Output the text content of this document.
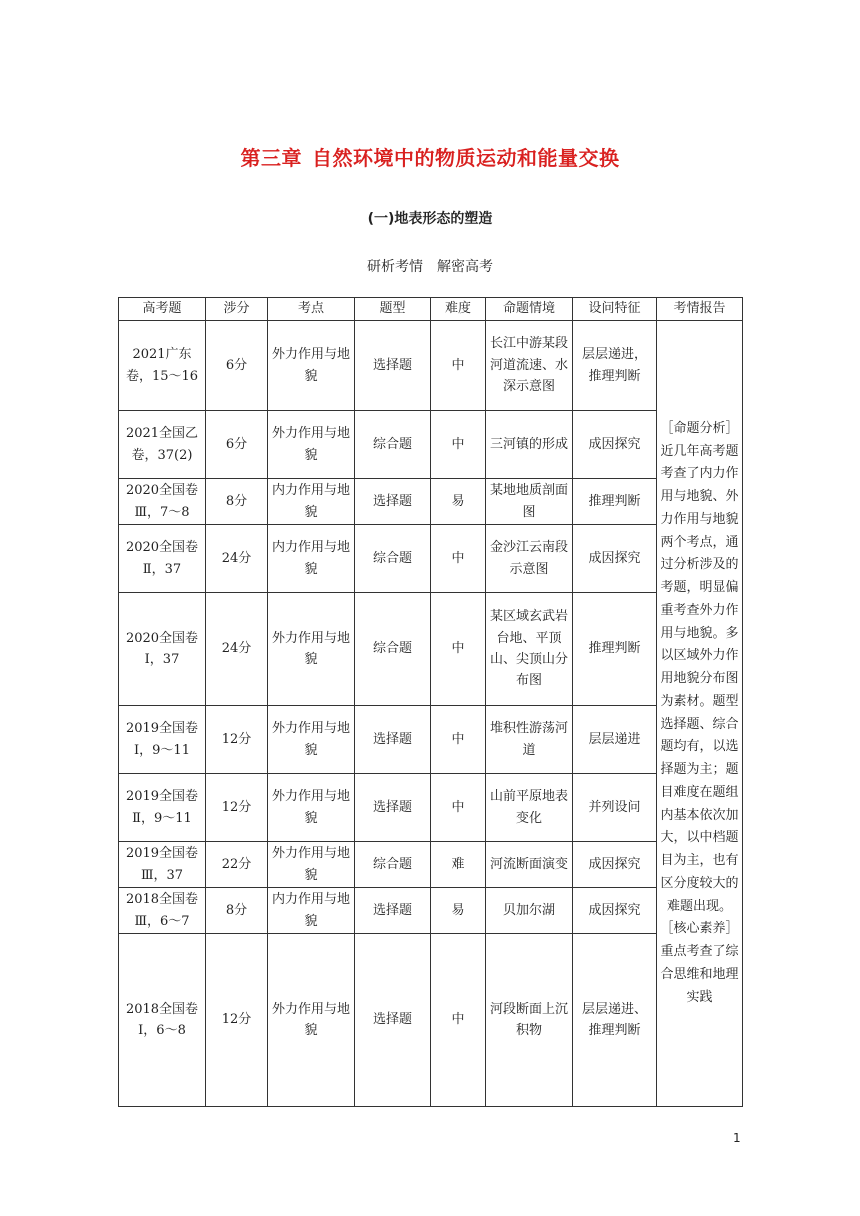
第三章 自然环境中的物质运动和能量交换
(一)地表形态的塑造
研析考情 解密高考
高考题	涉分	考点	题型	难度	命题情境	设问特征	考情报告
2021广东卷，15～16	6分	外力作用与地貌	选择题	中	长江中游某段河道流速、水深示意图	层层递进，推理判断	［命题分析］ 近几年高考题考查了内力作用与地貌、外力作用与地貌两个考点，通过分析涉及的考题，明显偏重考查外力作用与地貌。多以区域外力作用地貌分布图为素材。题型选择题、综合题均有，以选择题为主；题目难度在题组内基本依次加大，以中档题目为主，也有区分度较大的难题出现。［核心素养］ 重点考查了综合思维和地理实践
2021全国乙卷，37(2)	6分	外力作用与地貌	综合题	中	三河镇的形成	成因探究	
2020全国卷Ⅲ，7～8	8分	内力作用与地貌	选择题	易	某地地质剖面图	推理判断	
2020全国卷Ⅱ，37	24分	内力作用与地貌	综合题	中	金沙江云南段示意图	成因探究	
2020全国卷Ⅰ，37	24分	外力作用与地貌	综合题	中	某区域玄武岩台地、平顶山、尖顶山分布图	推理判断	
2019全国卷Ⅰ，9～11	12分	外力作用与地貌	选择题	中	堆积性游荡河道	层层递进	
2019全国卷Ⅱ，9～11	12分	外力作用与地貌	选择题	中	山前平原地表变化	并列设问	
2019全国卷Ⅲ，37	22分	外力作用与地貌	综合题	难	河流断面演变	成因探究	
2018全国卷Ⅲ，6～7	8分	内力作用与地貌	选择题	易	贝加尔湖	成因探究	
2018全国卷Ⅰ，6～8	12分	外力作用与地貌	选择题	中	河段断面上沉积物	层层递进、推理判断	
1
